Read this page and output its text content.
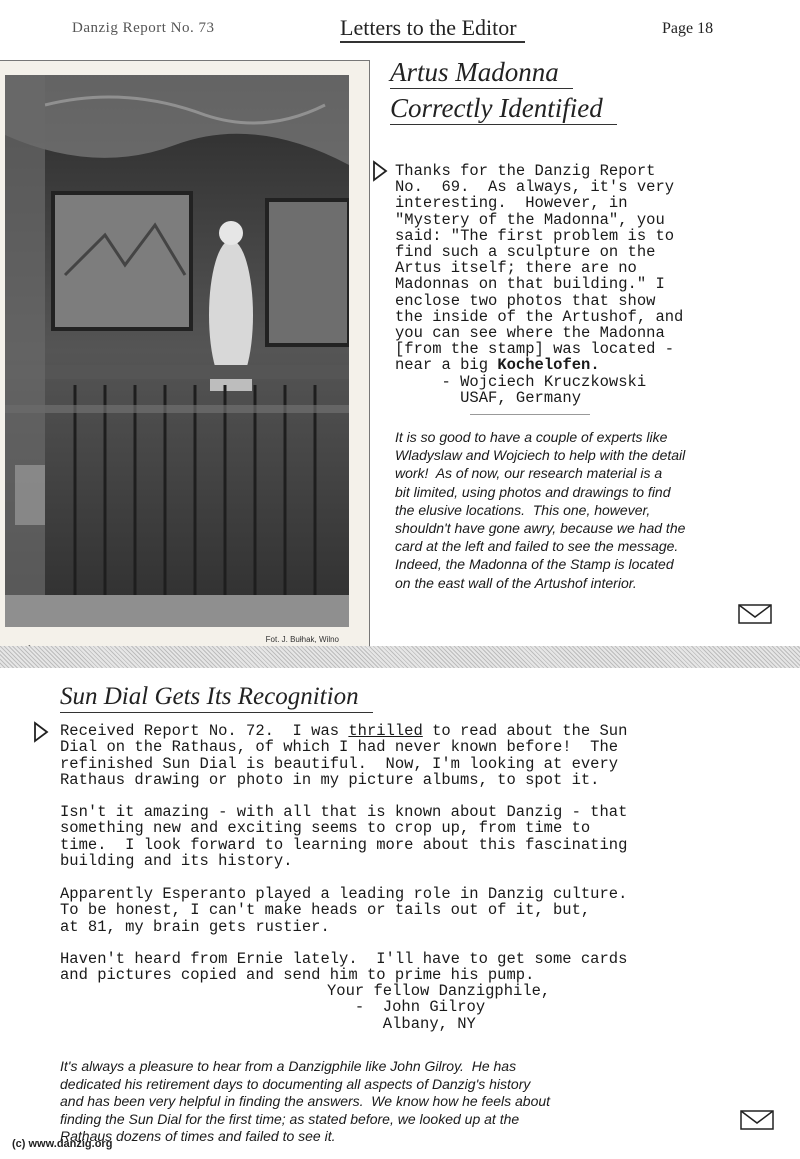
Danzig Report No. 73	Letters to the Editor	Page 18
Fot. J. Bułhak, Wilno
Artus Madonna
Correctly Identified
Thanks for the Danzig Report
No.  69.  As always, it's very
interesting.  However, in
"Mystery of the Madonna", you
said: "The first problem is to
find such a sculpture on the
Artus itself; there are no
Madonnas on that building." I
enclose two photos that show
the inside of the Artushof, and
you can see where the Madonna
[from the stamp] was located -
near a big Kochelofen.
- Wojciech Kruczkowski
USAF, Germany
It is so good to have a couple of experts like
Wladyslaw and Wojciech to help with the detail
work!  As of now, our research material is a
bit limited, using photos and drawings to find
the elusive locations.  This one, however,
shouldn't have gone awry, because we had the
card at the left and failed to see the message.
Indeed, the Madonna of the Stamp is located
on the east wall of the Artushof interior.
Sun Dial Gets Its Recognition
Received Report No. 72.  I was thrilled to read about the Sun
Dial on the Rathaus, of which I had never known before!  The
refinished Sun Dial is beautiful.  Now, I'm looking at every
Rathaus drawing or photo in my picture albums, to spot it.
Isn't it amazing - with all that is known about Danzig - that
something new and exciting seems to crop up, from time to
time.  I look forward to learning more about this fascinating
building and its history.
Apparently Esperanto played a leading role in Danzig culture.
To be honest, I can't make heads or tails out of it, but,
at 81, my brain gets rustier.
Haven't heard from Ernie lately.  I'll have to get some cards
and pictures copied and send him to prime his pump.
Your fellow Danzigphile,
-  John Gilroy
Albany, NY
It's always a pleasure to hear from a Danzigphile like John Gilroy.  He has
dedicated his retirement days to documenting all aspects of Danzig's history
and has been very helpful in finding the answers.  We know how he feels about
finding the Sun Dial for the first time; as stated before, we looked up at the
Rathaus dozens of times and failed to see it.
(c) www.danzig.org
